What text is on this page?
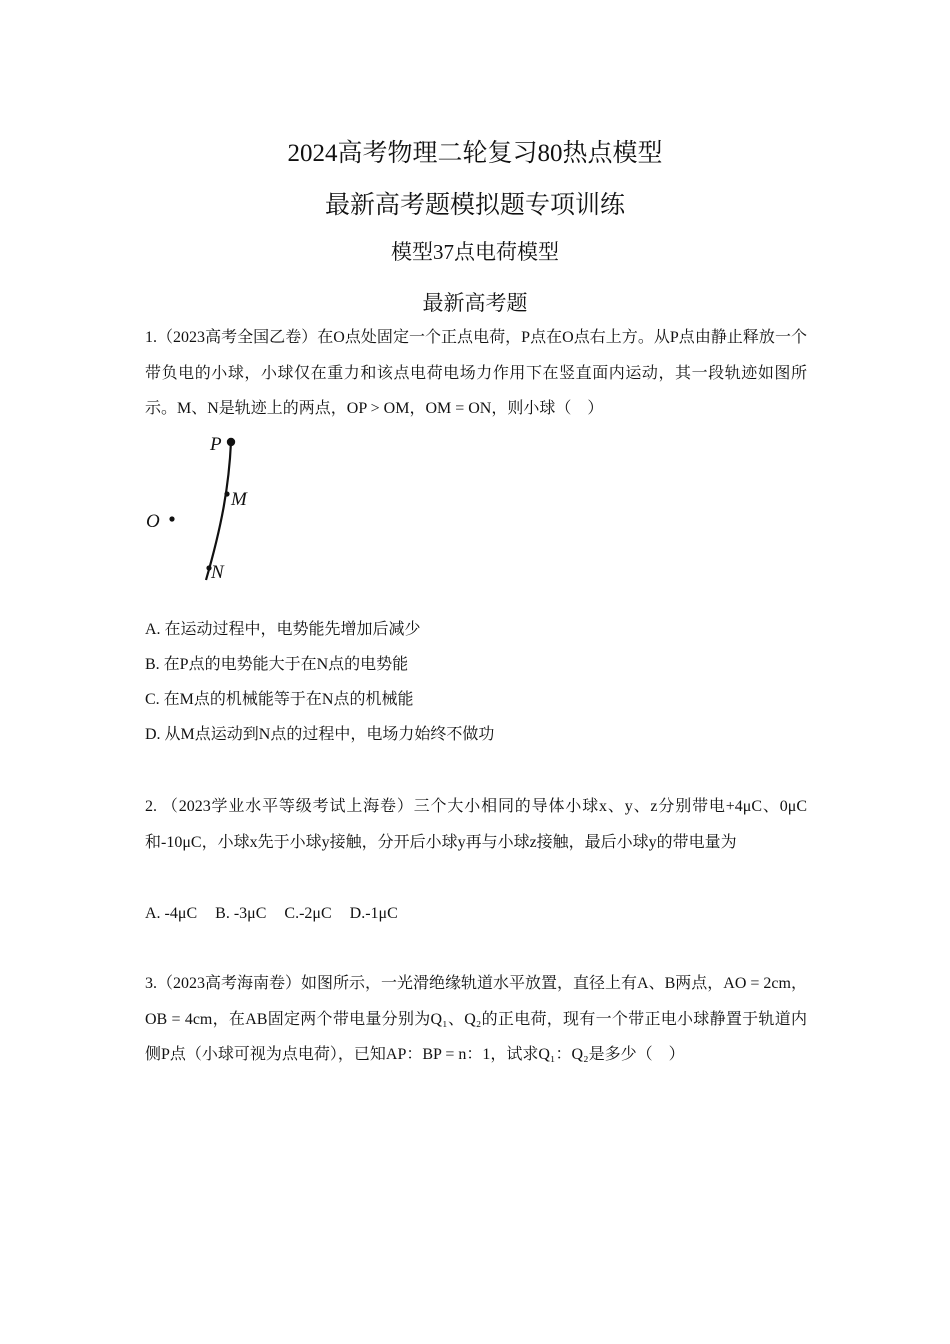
2024高考物理二轮复习80热点模型
最新高考题模拟题专项训练
模型37点电荷模型
最新高考题
1.（2023高考全国乙卷）在O点处固定一个正点电荷，P点在O点右上方。从P点由静止释放一个带负电的小球，小球仅在重力和该点电荷电场力作用下在竖直面内运动，其一段轨迹如图所示。M、N是轨迹上的两点，OP > OM，OM = ON，则小球（　）
P
M
O
N
A. 在运动过程中，电势能先增加后减少
B. 在P点的电势能大于在N点的电势能
C. 在M点的机械能等于在N点的机械能
D. 从M点运动到N点的过程中，电场力始终不做功
2. （2023学业水平等级考试上海卷）三个大小相同的导体小球x、y、z分别带电+4μC、0μC和-10μC，小球x先于小球y接触，分开后小球y再与小球z接触，最后小球y的带电量为
A. -4μC B. -3μC C.-2μC D.-1μC
3.（2023高考海南卷）如图所示，一光滑绝缘轨道水平放置，直径上有A、B两点，AO = 2cm，OB = 4cm，在AB固定两个带电量分别为Q₁、Q₂的正电荷，现有一个带正电小球静置于轨道内侧P点（小球可视为点电荷），已知AP：BP = n：1，试求Q₁：Q₂是多少（　）
